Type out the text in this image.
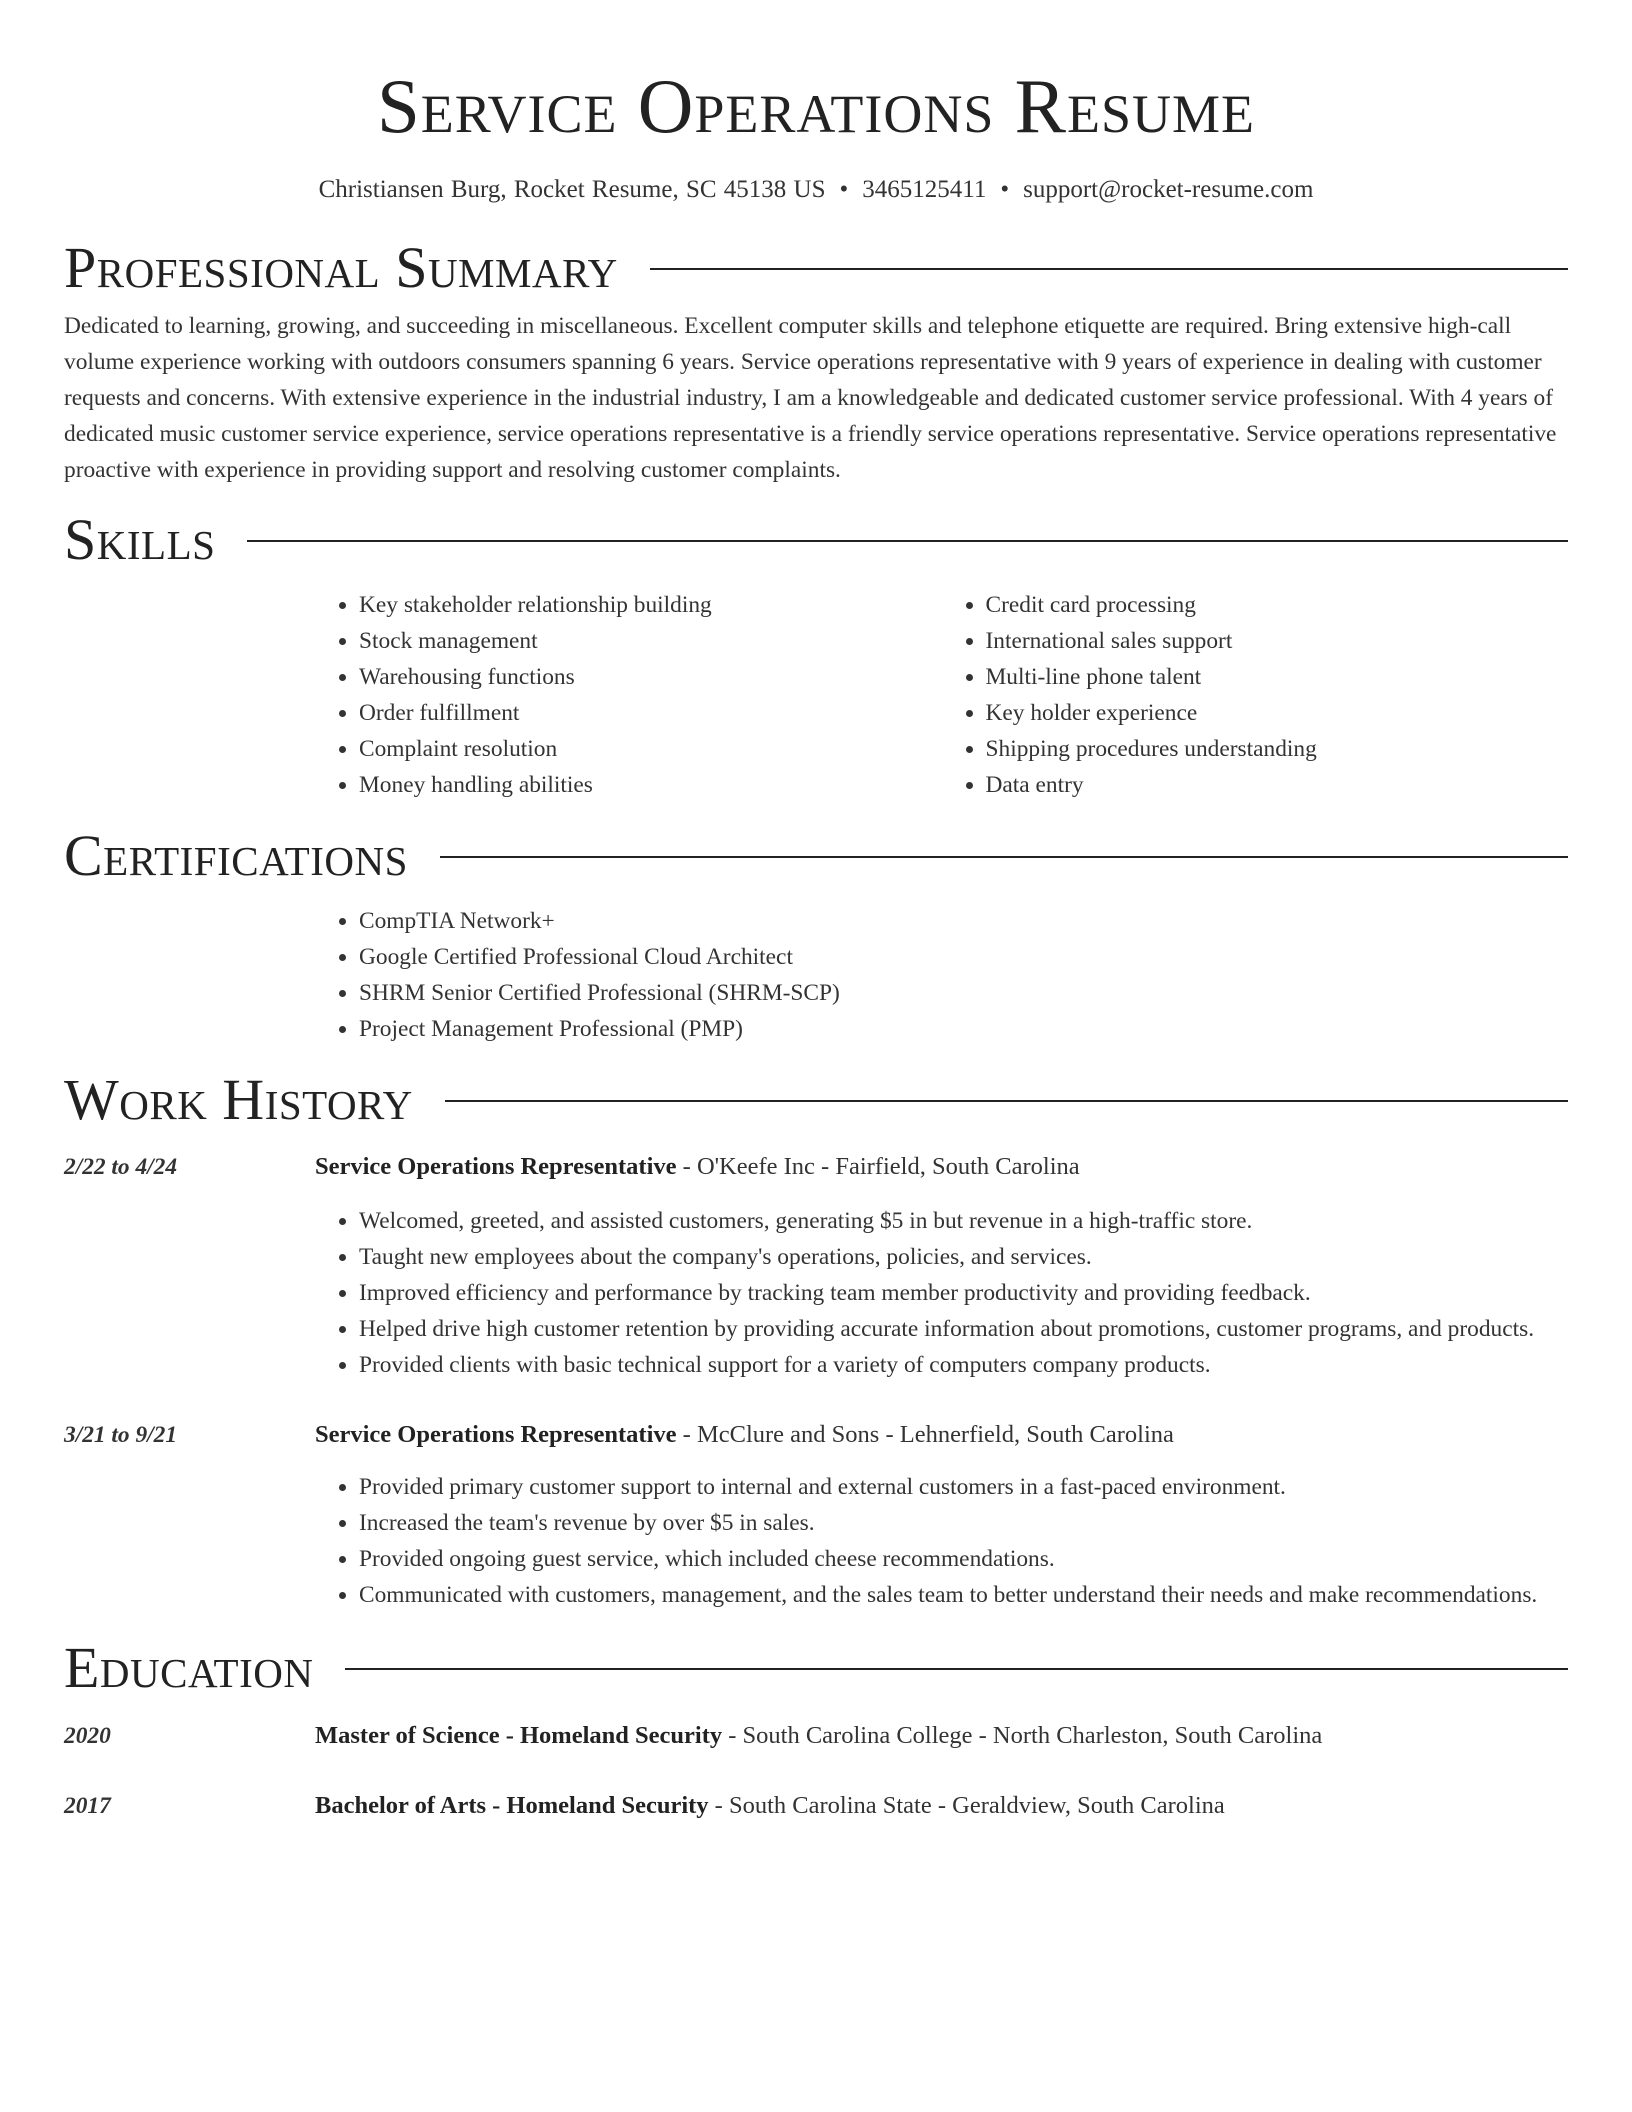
Service Operations Resume
Christiansen Burg, Rocket Resume, SC 45138 US • 3465125411 • support@rocket-resume.com
Professional Summary

Dedicated to learning, growing, and succeeding in miscellaneous. Excellent computer skills and telephone etiquette are required. Bring extensive high-call volume experience working with outdoors consumers spanning 6 years. Service operations representative with 9 years of experience in dealing with customer requests and concerns. With extensive experience in the industrial industry, I am a knowledgeable and dedicated customer service professional. With 4 years of dedicated music customer service experience, service operations representative is a friendly service operations representative. Service operations representative proactive with experience in providing support and resolving customer complaints.

Skills
• Key stakeholder relationship building
• Stock management
• Warehousing functions
• Order fulfillment
• Complaint resolution
• Money handling abilities
• Credit card processing
• International sales support
• Multi-line phone talent
• Key holder experience
• Shipping procedures understanding
• Data entry
Certifications
• CompTIA Network+
• Google Certified Professional Cloud Architect
• SHRM Senior Certified Professional (SHRM-SCP)
• Project Management Professional (PMP)
Work History
2/22 to 4/24	Service Operations Representative - O'Keefe Inc - Fairfield, South Carolina
• Welcomed, greeted, and assisted customers, generating $5 in but revenue in a high-traffic store.
• Taught new employees about the company's operations, policies, and services.
• Improved efficiency and performance by tracking team member productivity and providing feedback.
• Helped drive high customer retention by providing accurate information about promotions, customer programs, and products.
• Provided clients with basic technical support for a variety of computers company products.
3/21 to 9/21	Service Operations Representative - McClure and Sons - Lehnerfield, South Carolina
• Provided primary customer support to internal and external customers in a fast-paced environment.
• Increased the team's revenue by over $5 in sales.
• Provided ongoing guest service, which included cheese recommendations.
• Communicated with customers, management, and the sales team to better understand their needs and make recommendations.
Education
2020	Master of Science - Homeland Security - South Carolina College - North Charleston, South Carolina
2017	Bachelor of Arts - Homeland Security - South Carolina State - Geraldview, South Carolina
